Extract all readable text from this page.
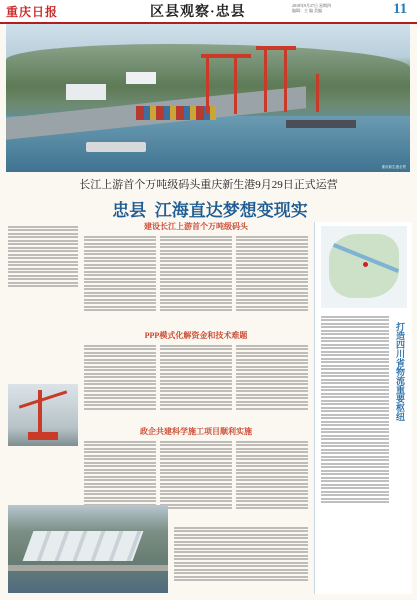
重庆日报	区县观察·忠县	2018年9月27日 星期四
编辑：主 编 美编	11
重庆新生港全景
长江上游首个万吨级码头重庆新生港9月29日正式运营
忠县  江海直达梦想变现实
建设长江上游首个万吨级码头
PPP模式化解资金和技术难题
政企共建科学施工项目顺利实施
打造四川省物流重要枢纽
